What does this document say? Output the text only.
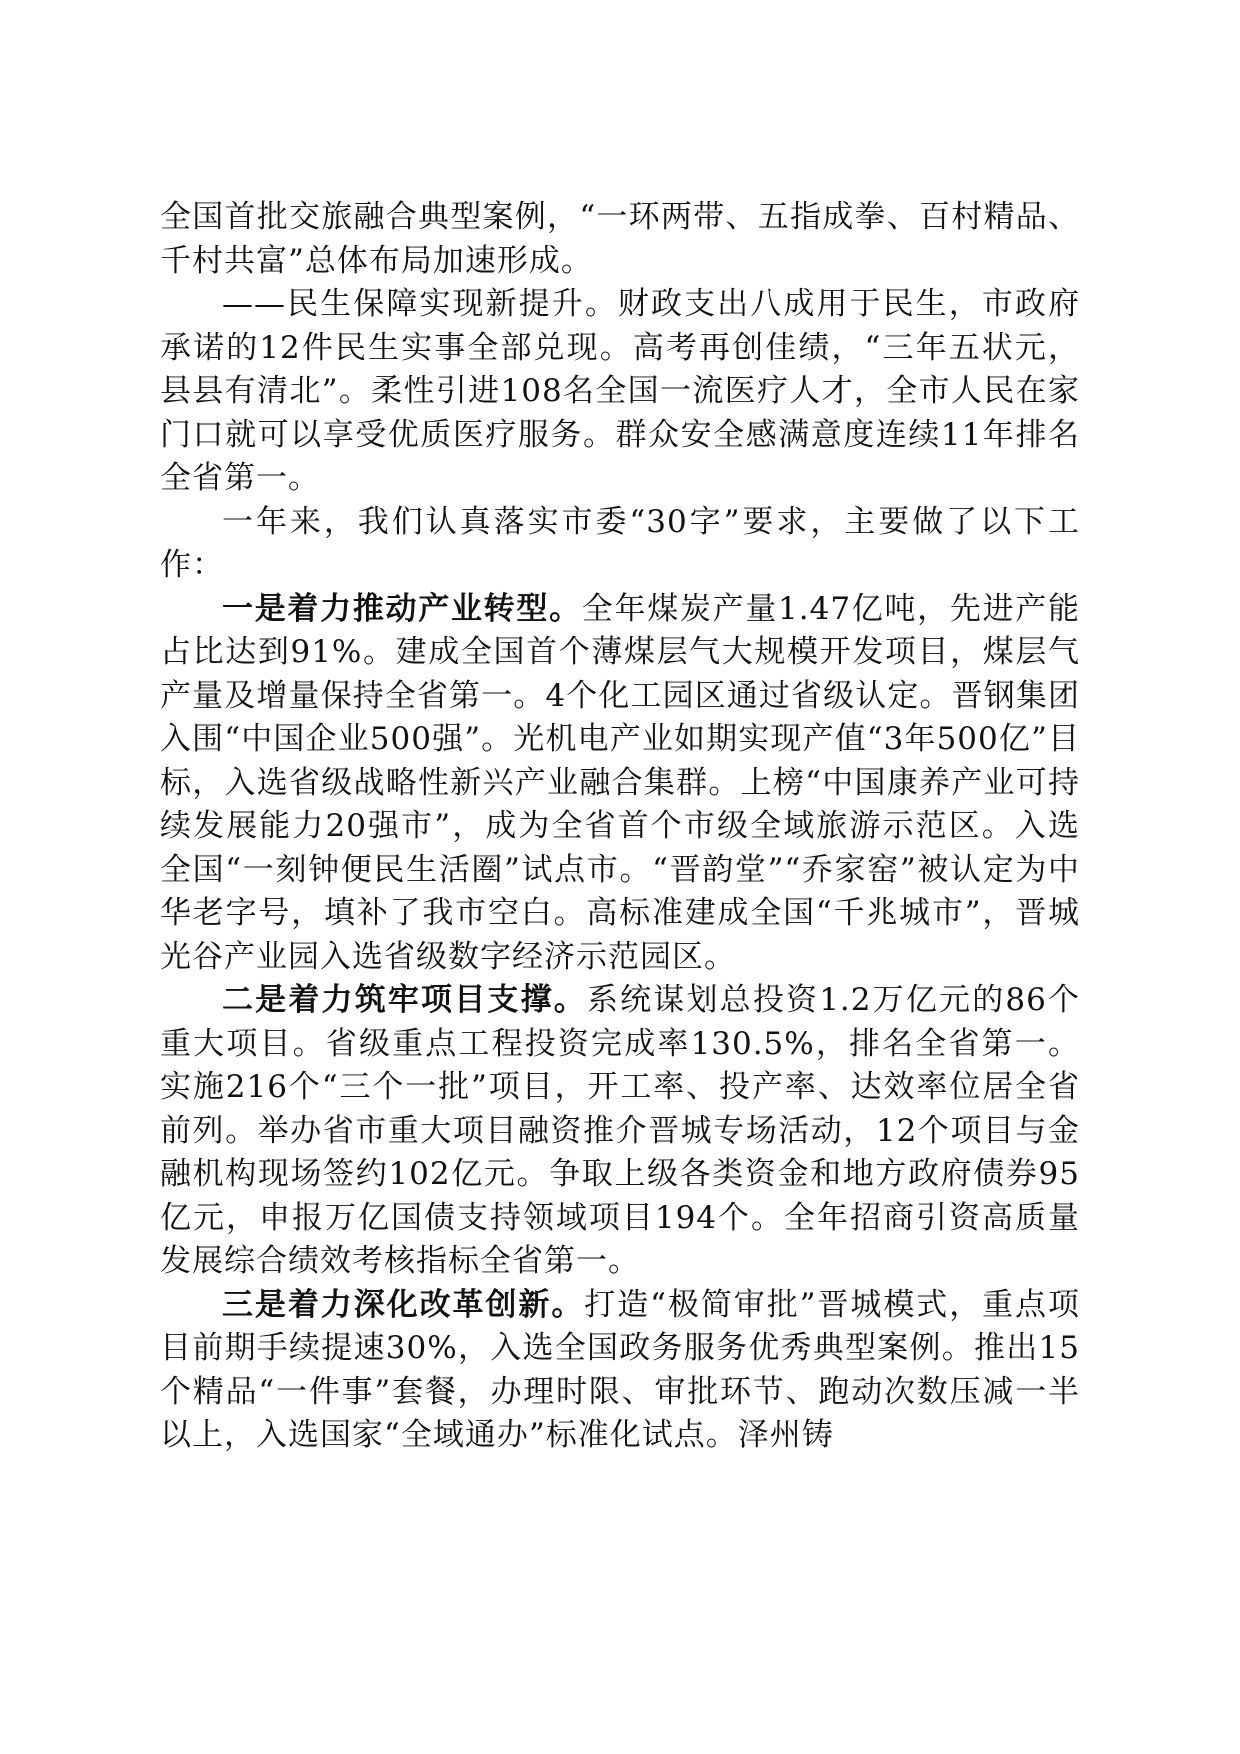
全国首批交旅融合典型案例，“一环两带、五指成拳、百村精品、千村共富”总体布局加速形成。

——民生保障实现新提升。财政支出八成用于民生，市政府承诺的12件民生实事全部兑现。高考再创佳绩，“三年五状元，县县有清北”。柔性引进108名全国一流医疗人才，全市人民在家门口就可以享受优质医疗服务。群众安全感满意度连续11年排名全省第一。

一年来，我们认真落实市委“30字”要求，主要做了以下工作：

一是着力推动产业转型。全年煤炭产量1.47亿吨，先进产能占比达到91%。建成全国首个薄煤层气大规模开发项目，煤层气产量及增量保持全省第一。4个化工园区通过省级认定。晋钢集团入围“中国企业500强”。光机电产业如期实现产值“3年500亿”目标，入选省级战略性新兴产业融合集群。上榜“中国康养产业可持续发展能力20强市”，成为全省首个市级全域旅游示范区。入选全国“一刻钟便民生活圈”试点市。“晋韵堂”“乔家窑”被认定为中华老字号，填补了我市空白。高标准建成全国“千兆城市”，晋城光谷产业园入选省级数字经济示范园区。

二是着力筑牢项目支撑。系统谋划总投资1.2万亿元的86个重大项目。省级重点工程投资完成率130.5%，排名全省第一。实施216个“三个一批”项目，开工率、投产率、达效率位居全省前列。举办省市重大项目融资推介晋城专场活动，12个项目与金融机构现场签约102亿元。争取上级各类资金和地方政府债券95亿元，申报万亿国债支持领域项目194个。全年招商引资高质量发展综合绩效考核指标全省第一。

三是着力深化改革创新。打造“极简审批”晋城模式，重点项目前期手续提速30%，入选全国政务服务优秀典型案例。推出15个精品“一件事”套餐，办理时限、审批环节、跑动次数压减一半以上，入选国家“全域通办”标准化试点。泽州铸
